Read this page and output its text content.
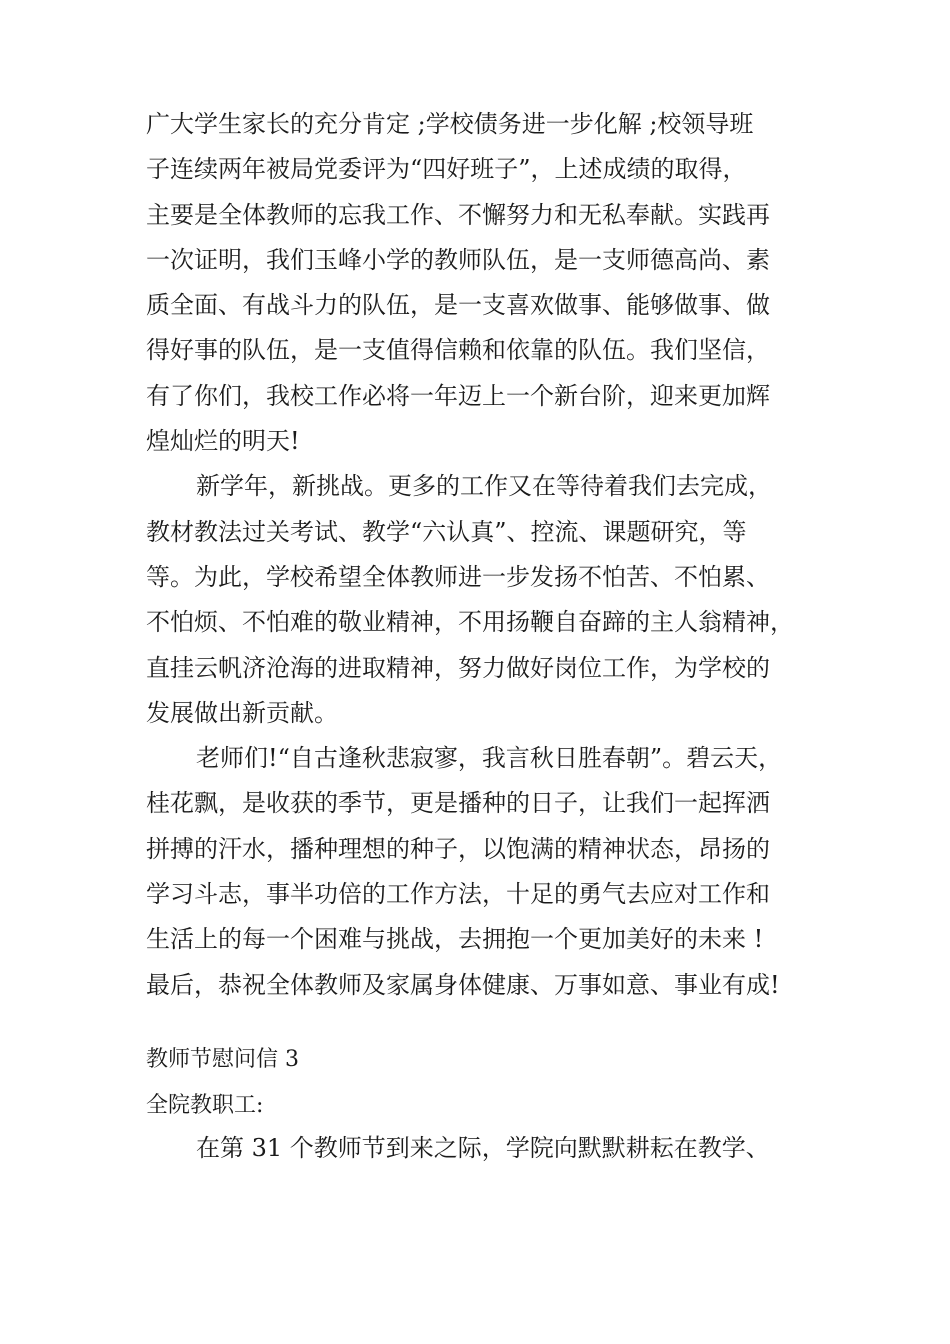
广大学生家长的充分肯定 ;学校债务进一步化解 ;校领导班
子连续两年被局党委评为“四好班子”，上述成绩的取得，
主要是全体教师的忘我工作、不懈努力和无私奉献。实践再
一次证明，我们玉峰小学的教师队伍，是一支师德高尚、素
质全面、有战斗力的队伍，是一支喜欢做事、能够做事、做
得好事的队伍，是一支值得信赖和依靠的队伍。我们坚信，
有了你们，我校工作必将一年迈上一个新台阶，迎来更加辉
煌灿烂的明天!
新学年，新挑战。更多的工作又在等待着我们去完成，
教材教法过关考试、教学“六认真”、控流、课题研究，等
等。为此，学校希望全体教师进一步发扬不怕苦、不怕累、
不怕烦、不怕难的敬业精神，不用扬鞭自奋蹄的主人翁精神，
直挂云帆济沧海的进取精神，努力做好岗位工作，为学校的
发展做出新贡献。
老师们!“自古逢秋悲寂寥，我言秋日胜春朝”。碧云天，
桂花飘，是收获的季节，更是播种的日子，让我们一起挥洒
拼搏的汗水，播种理想的种子，以饱满的精神状态，昂扬的
学习斗志，事半功倍的工作方法，十足的勇气去应对工作和
生活上的每一个困难与挑战，去拥抱一个更加美好的未来 !
最后，恭祝全体教师及家属身体健康、万事如意、事业有成!
教师节慰问信 3
全院教职工:
在第 31 个教师节到来之际，学院向默默耕耘在教学、
